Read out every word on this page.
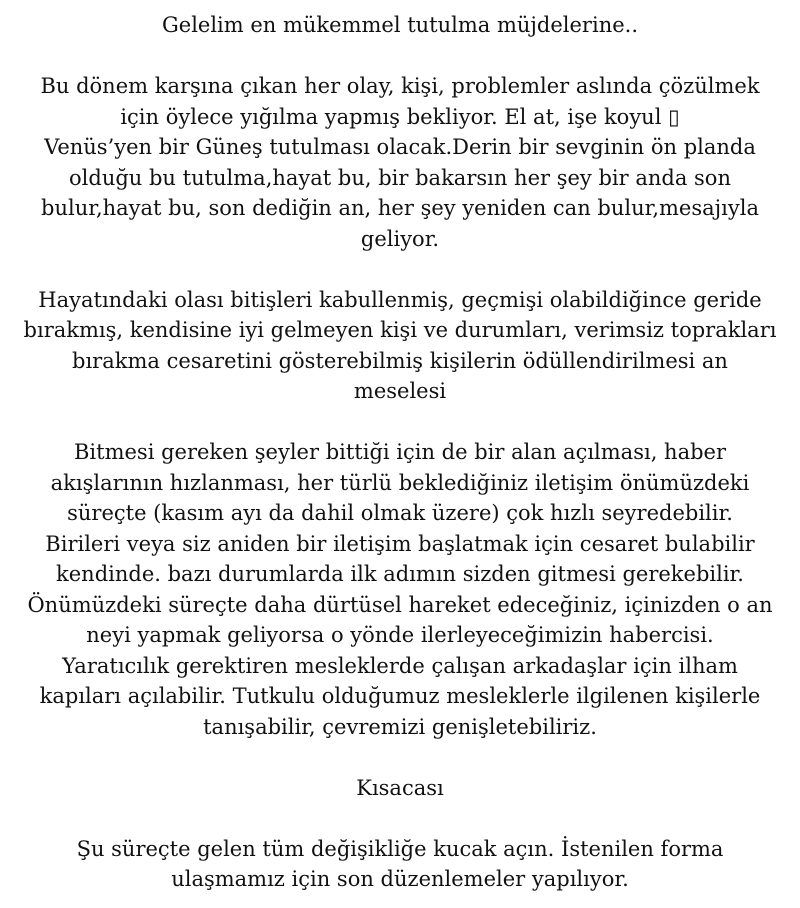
Gelelim en mükemmel tutulma müjdelerine..

Bu dönem karşına çıkan her olay, kişi, problemler aslında çözülmek
için öylece yığılma yapmış bekliyor. El at, işe koyul ▯
Venüs’yen bir Güneş tutulması olacak.Derin bir sevginin ön planda
olduğu bu tutulma,hayat bu, bir bakarsın her şey bir anda son
bulur,hayat bu, son dediğin an, her şey yeniden can bulur,mesajıyla
geliyor.

Hayatındaki olası bitişleri kabullenmiş, geçmişi olabildiğince geride
bırakmış, kendisine iyi gelmeyen kişi ve durumları, verimsiz toprakları
bırakma cesaretini gösterebilmiş kişilerin ödüllendirilmesi an
meselesi

Bitmesi gereken şeyler bittiği için de bir alan açılması, haber
akışlarının hızlanması, her türlü beklediğiniz iletişim önümüzdeki
süreçte (kasım ayı da dahil olmak üzere) çok hızlı seyredebilir.
Birileri veya siz aniden bir iletişim başlatmak için cesaret bulabilir
kendinde. bazı durumlarda ilk adımın sizden gitmesi gerekebilir.
Önümüzdeki süreçte daha dürtüsel hareket edeceğiniz, içinizden o an
neyi yapmak geliyorsa o yönde ilerleyeceğimizin habercisi.
Yaratıcılık gerektiren mesleklerde çalışan arkadaşlar için ilham
kapıları açılabilir. Tutkulu olduğumuz mesleklerle ilgilenen kişilerle
tanışabilir, çevremizi genişletebiliriz.

Kısacası

Şu süreçte gelen tüm değişikliğe kucak açın. İstenilen forma
ulaşmamız için son düzenlemeler yapılıyor.
